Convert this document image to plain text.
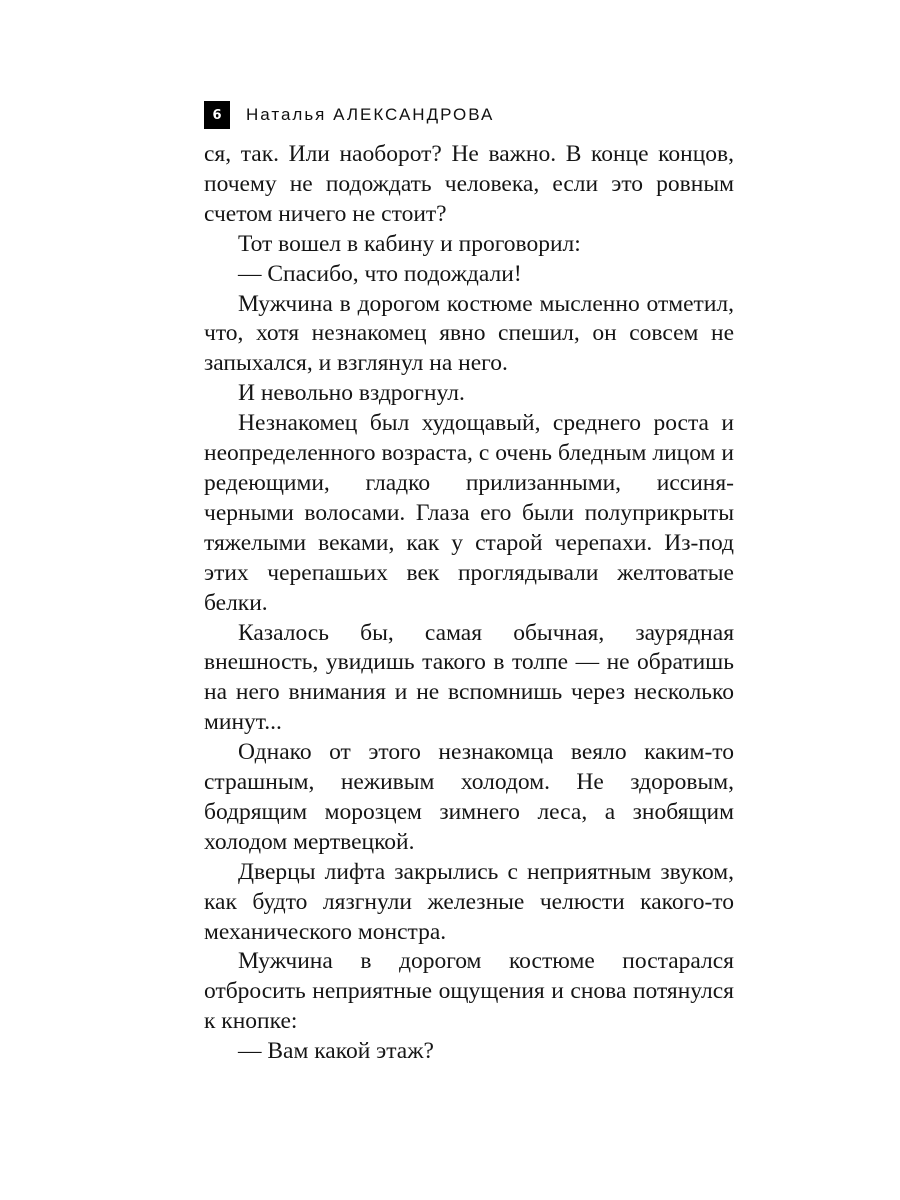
6	Наталья АЛЕКСАНДРОВА

ся, так. Или наоборот? Не важно. В конце концов, почему не подождать человека, если это ровным счетом ничего не стоит?

Тот вошел в кабину и проговорил:

— Спасибо, что подождали!

Мужчина в дорогом костюме мысленно отметил, что, хотя незнакомец явно спешил, он совсем не запыхался, и взглянул на него.

И невольно вздрогнул.

Незнакомец был худощавый, среднего роста и неопределенного возраста, с очень бледным лицом и редеющими, гладко прилизанными, иссиня-черными волосами. Глаза его были полуприкрыты тяжелыми веками, как у старой черепахи. Из-под этих черепашьих век проглядывали желтоватые белки.

Казалось бы, самая обычная, заурядная внешность, увидишь такого в толпе — не обратишь на него внимания и не вспомнишь через несколько минут...

Однако от этого незнакомца веяло каким-то страшным, неживым холодом. Не здоровым, бодрящим морозцем зимнего леса, а знобящим холодом мертвецкой.

Дверцы лифта закрылись с неприятным звуком, как будто лязгнули железные челюсти какого-то механического монстра.

Мужчина в дорогом костюме постарался отбросить неприятные ощущения и снова потянулся к кнопке:

— Вам какой этаж?
